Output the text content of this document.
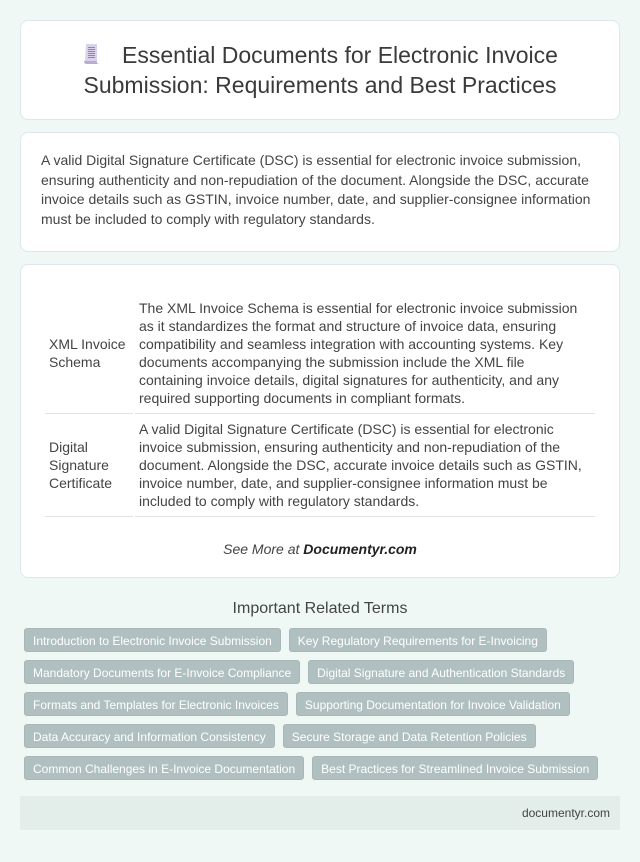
Essential Documents for Electronic Invoice Submission: Requirements and Best Practices

A valid Digital Signature Certificate (DSC) is essential for electronic invoice submission, ensuring authenticity and non-repudiation of the document. Alongside the DSC, accurate invoice details such as GSTIN, invoice number, date, and supplier-consignee information must be included to comply with regulatory standards.

XML Invoice Schema	The XML Invoice Schema is essential for electronic invoice submission as it standardizes the format and structure of invoice data, ensuring compatibility and seamless integration with accounting systems. Key documents accompanying the submission include the XML file containing invoice details, digital signatures for authenticity, and any required supporting documents in compliant formats.
Digital Signature Certificate	A valid Digital Signature Certificate (DSC) is essential for electronic invoice submission, ensuring authenticity and non-repudiation of the document. Alongside the DSC, accurate invoice details such as GSTIN, invoice number, date, and supplier-consignee information must be included to comply with regulatory standards.
See More at Documentyr.com
Important Related Terms
Introduction to Electronic Invoice Submission	Key Regulatory Requirements for E-Invoicing
Mandatory Documents for E-Invoice Compliance	Digital Signature and Authentication Standards
Formats and Templates for Electronic Invoices	Supporting Documentation for Invoice Validation
Data Accuracy and Information Consistency	Secure Storage and Data Retention Policies
Common Challenges in E-Invoice Documentation	Best Practices for Streamlined Invoice Submission
documentyr.com
